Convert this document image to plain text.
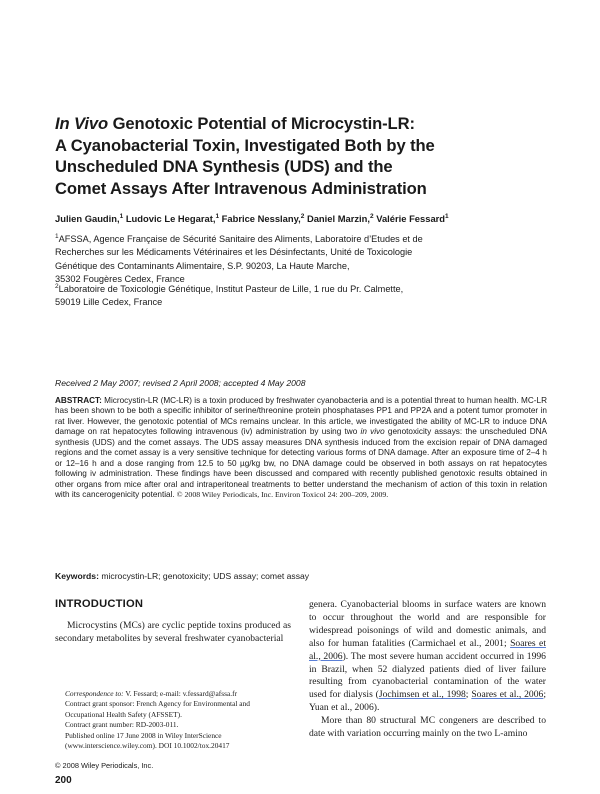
In Vivo Genotoxic Potential of Microcystin-LR:
A Cyanobacterial Toxin, Investigated Both by the
Unscheduled DNA Synthesis (UDS) and the
Comet Assays After Intravenous Administration
Julien Gaudin,$^1$ Ludovic Le Hegarat,$^1$ Fabrice Nesslany,$^2$ Daniel Marzin,$^2$ Valérie Fessard$^1$
$^1$AFSSA, Agence Française de Sécurité Sanitaire des Aliments, Laboratoire d’Etudes et de
Recherches sur les Médicaments Vétérinaires et les Désinfectants, Unité de Toxicologie
Génétique des Contaminants Alimentaire, S.P. 90203, La Haute Marche,
35302 Fougères Cedex, France
$^2$Laboratoire de Toxicologie Génétique, Institut Pasteur de Lille, 1 rue du Pr. Calmette,
59019 Lille Cedex, France
Received 2 May 2007; revised 2 April 2008; accepted 4 May 2008
ABSTRACT: Microcystin-LR (MC-LR) is a toxin produced by freshwater cyanobacteria and is a potential threat to human health. MC-LR has been shown to be both a specific inhibitor of serine/threonine protein phosphatases PP1 and PP2A and a potent tumor promoter in rat liver. However, the genotoxic potential of MCs remains unclear. In this article, we investigated the ability of MC-LR to induce DNA damage on rat hepatocytes following intravenous (iv) administration by using two in vivo genotoxicity assays: the unscheduled DNA synthesis (UDS) and the comet assays. The UDS assay measures DNA synthesis induced from the excision repair of DNA damaged regions and the comet assay is a very sensitive technique for detecting various forms of DNA damage. After an exposure time of 2–4 h or 12–16 h and a dose ranging from 12.5 to 50 µg/kg bw, no DNA damage could be observed in both assays on rat hepatocytes following iv administration. These findings have been discussed and compared with recently published genotoxic results obtained in other organs from mice after oral and intraperitoneal treatments to better understand the mechanism of action of this toxin in relation with its cancerogenicity potential. © 2008 Wiley Periodicals, Inc. Environ Toxicol 24: 200–209, 2009.
Keywords: microcystin-LR; genotoxicity; UDS assay; comet assay
INTRODUCTION

Microcystins (MCs) are cyclic peptide toxins produced as secondary metabolites by several freshwater cyanobacterial

Correspondence to: V. Fessard; e-mail: v.fessard@afssa.fr

Contract grant sponsor: French Agency for Environmental and Occupational Health Safety (AFSSET).

Contract grant number: RD-2003-011.

Published online 17 June 2008 in Wiley InterScience (www.interscience.wiley.com). DOI 10.1002/tox.20417

genera. Cyanobacterial blooms in surface waters are known to occur throughout the world and are responsible for widespread poisonings of wild and domestic animals, and also for human fatalities (Carmichael et al., 2001; Soares et al., 2006). The most severe human accident occurred in 1996 in Brazil, when 52 dialyzed patients died of liver failure resulting from cyanobacterial contamination of the water used for dialysis (Jochimsen et al., 1998; Soares et al., 2006; Yuan et al., 2006).

More than 80 structural MC congeners are described to date with variation occurring mainly on the two L-amino

© 2008 Wiley Periodicals, Inc.
200
